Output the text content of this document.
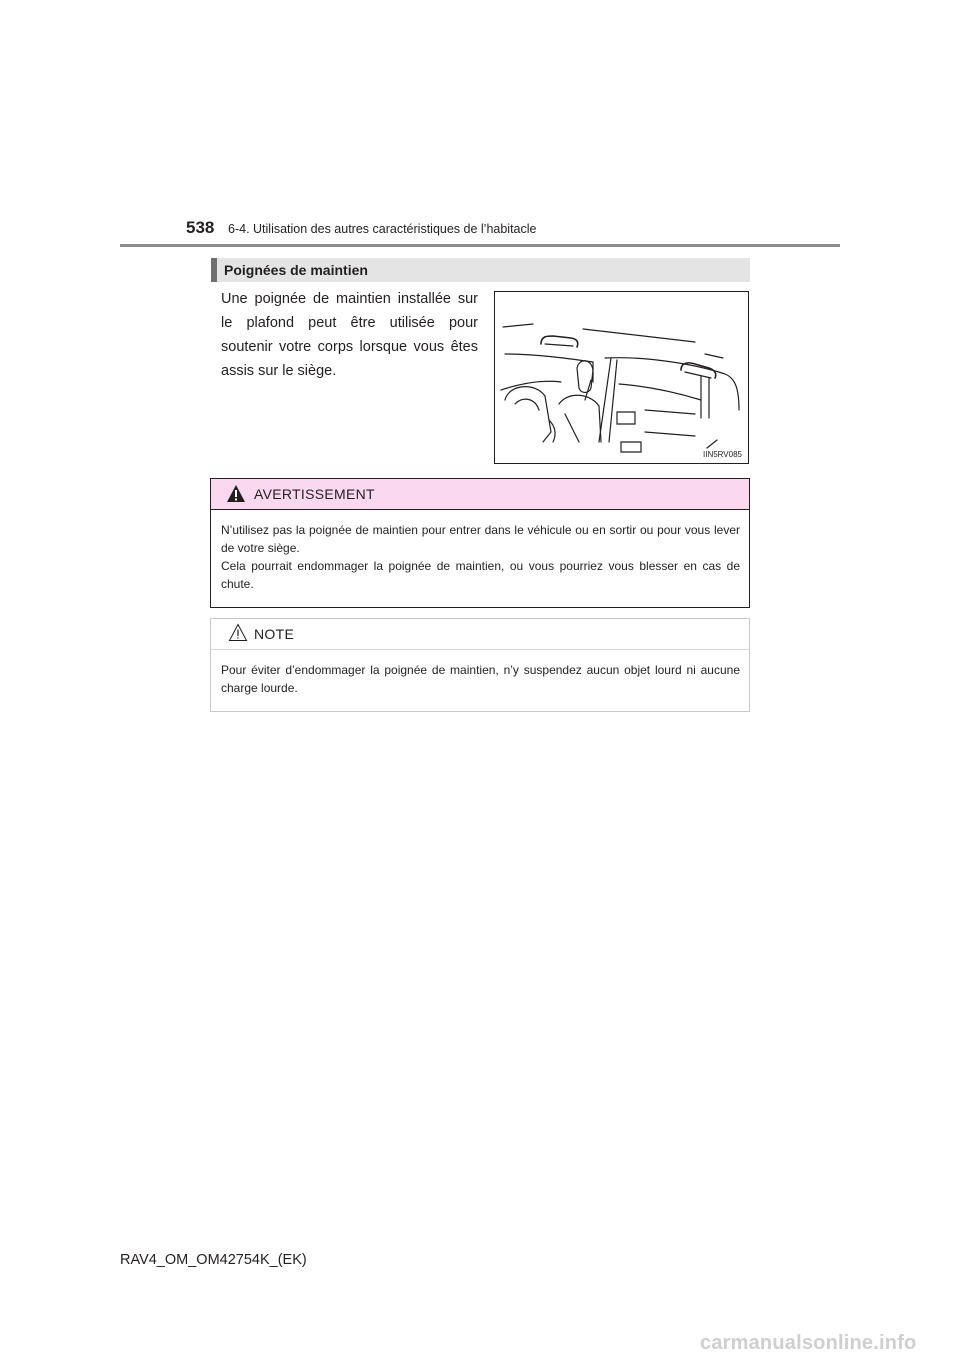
538 6-4. Utilisation des autres caractéristiques de l’habitacle
Poignées de maintien
Une poignée de maintien installée sur le plafond peut être utilisée pour soutenir votre corps lorsque vous êtes assis sur le siège.
IIN5RV085
AVERTISSEMENT

N’utilisez pas la poignée de maintien pour entrer dans le véhicule ou en sortir ou pour vous lever de votre siège.

Cela pourrait endommager la poignée de maintien, ou vous pourriez vous blesser en cas de chute.

NOTE
Pour éviter d’endommager la poignée de maintien, n’y suspendez aucun objet lourd ni aucune charge lourde.
RAV4_OM_OM42754K_(EK)
carmanualsonline.info
